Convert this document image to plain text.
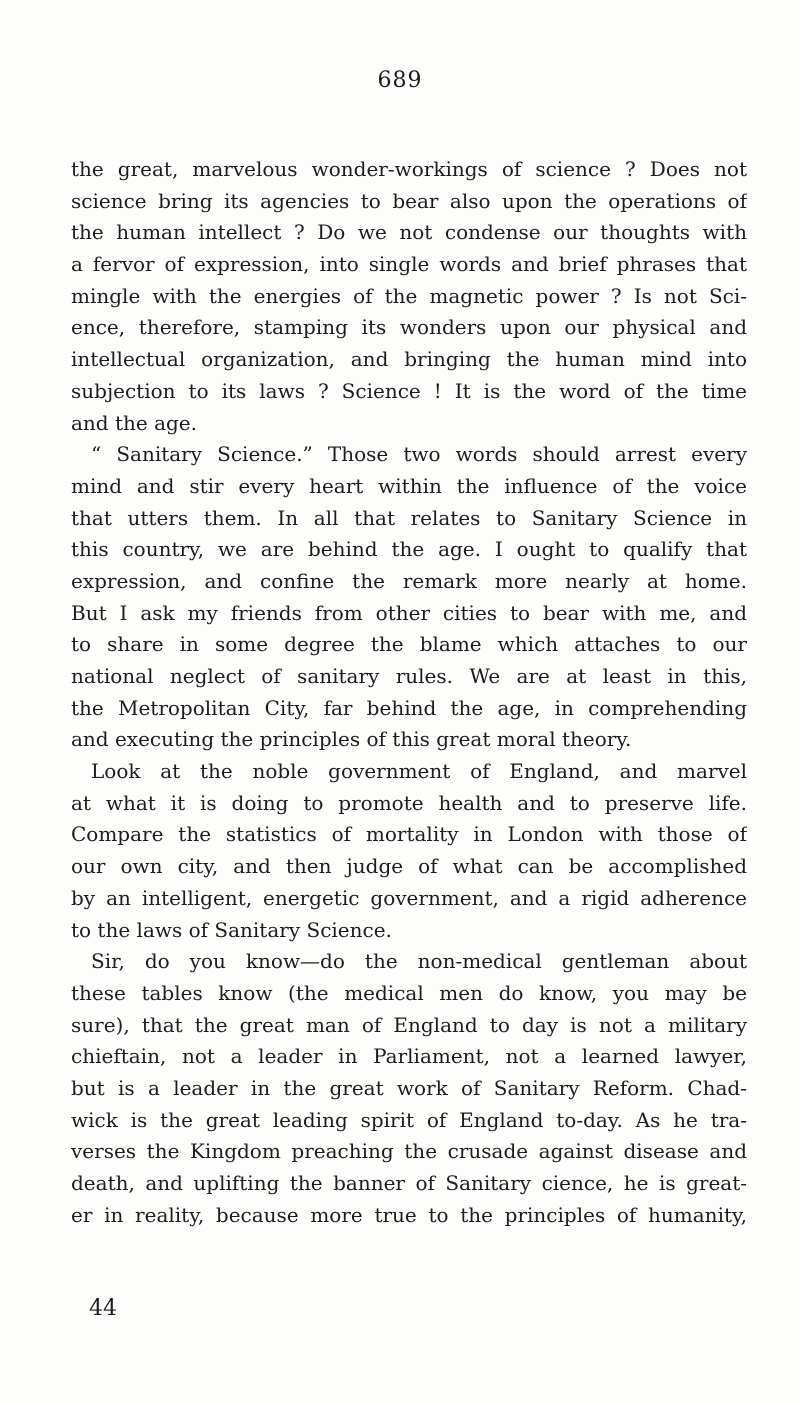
689
the great, marvelous wonder-workings of science ? Does not
science bring its agencies to bear also upon the operations of
the human intellect ? Do we not condense our thoughts with
a fervor of expression, into single words and brief phrases that
mingle with the energies of the magnetic power ? Is not Sci-
ence, therefore, stamping its wonders upon our physical and
intellectual organization, and bringing the human mind into
subjection to its laws ? Science ! It is the word of the time
and the age.
“ Sanitary Science.” Those two words should arrest every
mind and stir every heart within the influence of the voice
that utters them. In all that relates to Sanitary Science in
this country, we are behind the age. I ought to qualify that
expression, and confine the remark more nearly at home.
But I ask my friends from other cities to bear with me, and
to share in some degree the blame which attaches to our
national neglect of sanitary rules. We are at least in this,
the Metropolitan City, far behind the age, in comprehending
and executing the principles of this great moral theory.
Look at the noble government of England, and marvel
at what it is doing to promote health and to preserve life.
Compare the statistics of mortality in London with those of
our own city, and then judge of what can be accomplished
by an intelligent, energetic government, and a rigid adherence
to the laws of Sanitary Science.
Sir, do you know—do the non-medical gentleman about
these tables know (the medical men do know, you may be
sure), that the great man of England to day is not a military
chieftain, not a leader in Parliament, not a learned lawyer,
but is a leader in the great work of Sanitary Reform. Chad-
wick is the great leading spirit of England to-day. As he tra-
verses the Kingdom preaching the crusade against disease and
death, and uplifting the banner of Sanitary cience, he is great-
er in reality, because more true to the principles of humanity,
44
